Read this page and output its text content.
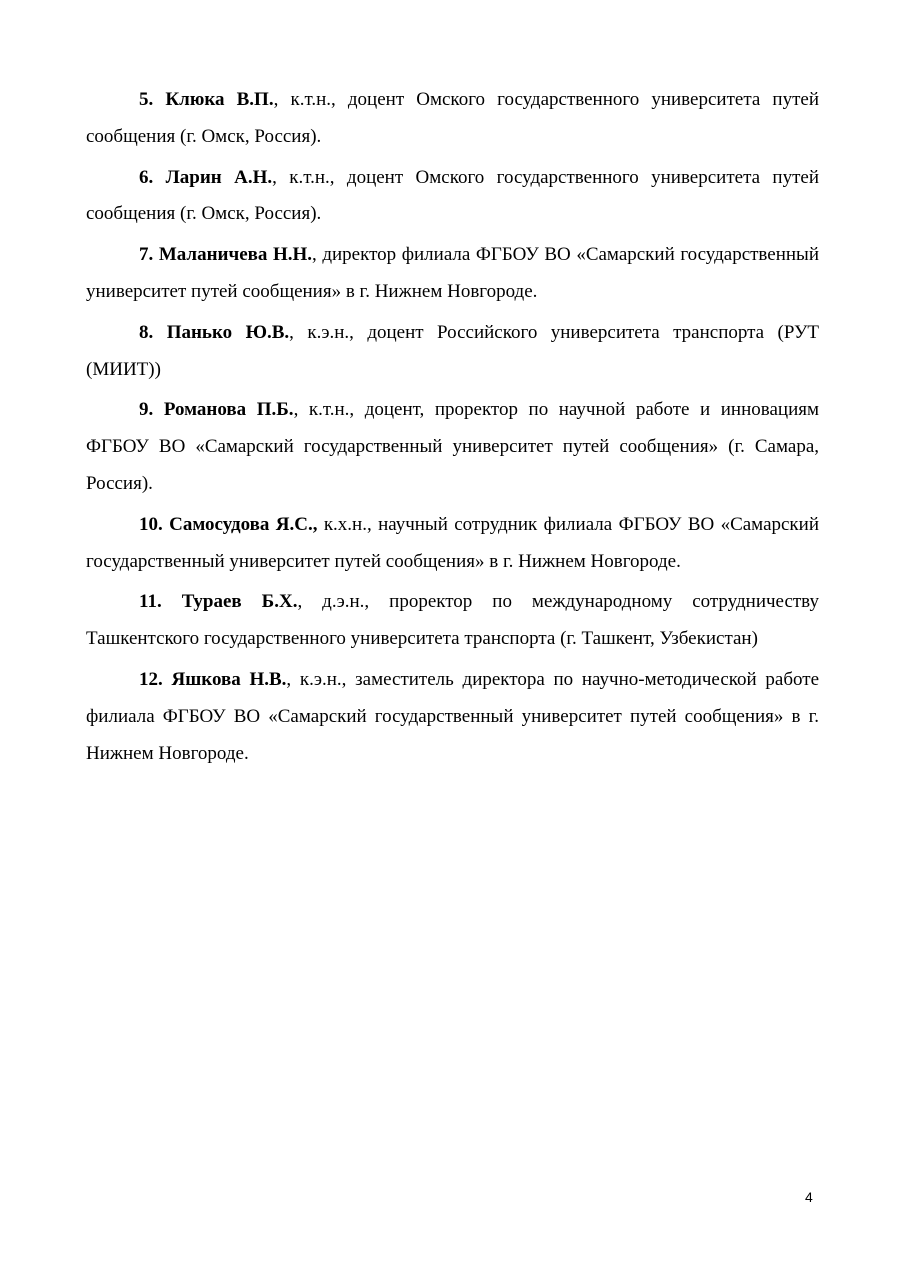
5. Клюка В.П., к.т.н., доцент Омского государственного университета путей сообщения (г. Омск, Россия).

6. Ларин А.Н., к.т.н., доцент Омского государственного университета путей сообщения (г. Омск, Россия).

7. Маланичева Н.Н., директор филиала ФГБОУ ВО «Самарский государственный университет путей сообщения» в г. Нижнем Новгороде.

8. Панько Ю.В., к.э.н., доцент Российского университета транспорта (РУТ (МИИТ))

9. Романова П.Б., к.т.н., доцент, проректор по научной работе и инновациям ФГБОУ ВО «Самарский государственный университет путей сообщения» (г. Самара, Россия).

10. Самосудова Я.С., к.х.н., научный сотрудник филиала ФГБОУ ВО «Самарский государственный университет путей сообщения» в г. Нижнем Новгороде.

11. Тураев Б.Х., д.э.н., проректор по международному сотрудничеству Ташкентского государственного университета транспорта (г. Ташкент, Узбекистан)

12. Яшкова Н.В., к.э.н., заместитель директора по научно-методической работе филиала ФГБОУ ВО «Самарский государственный университет путей сообщения» в г. Нижнем Новгороде.

4
